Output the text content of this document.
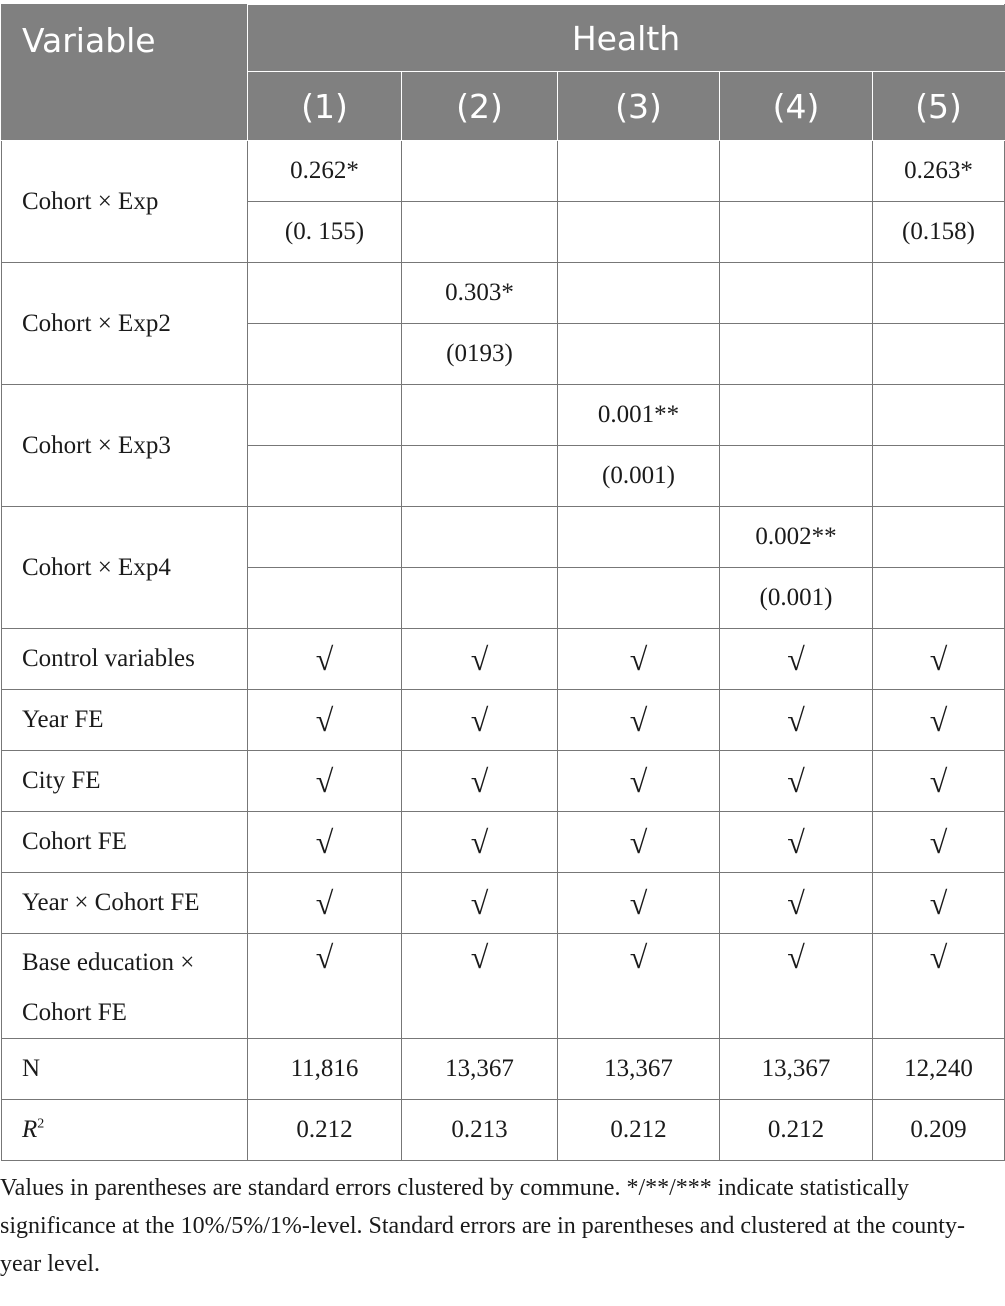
Variable	Health				
	(1)	(2)	(3)	(4)	(5)
Cohort × Exp	0.262*				0.263*
	(0. 155)				(0.158)
Cohort × Exp2		0.303*			
		(0193)			
Cohort × Exp3			0.001**		
			(0.001)		
Cohort × Exp4				0.002**	
				(0.001)	
Control variables	√	√	√	√	√
Year FE	√	√	√	√	√
City FE	√	√	√	√	√
Cohort FE	√	√	√	√	√
Year × Cohort FE	√	√	√	√	√
Base education × Cohort FE	√	√	√	√	√
N	11,816	13,367	13,367	13,367	12,240
$R^2$	0.212	0.213	0.212	0.212	0.209
Values in parentheses are standard errors clustered by commune. */**/*** indicate statistically significance at the 10%/5%/1%-level. Standard errors are in parentheses and clustered at the county-year level.
